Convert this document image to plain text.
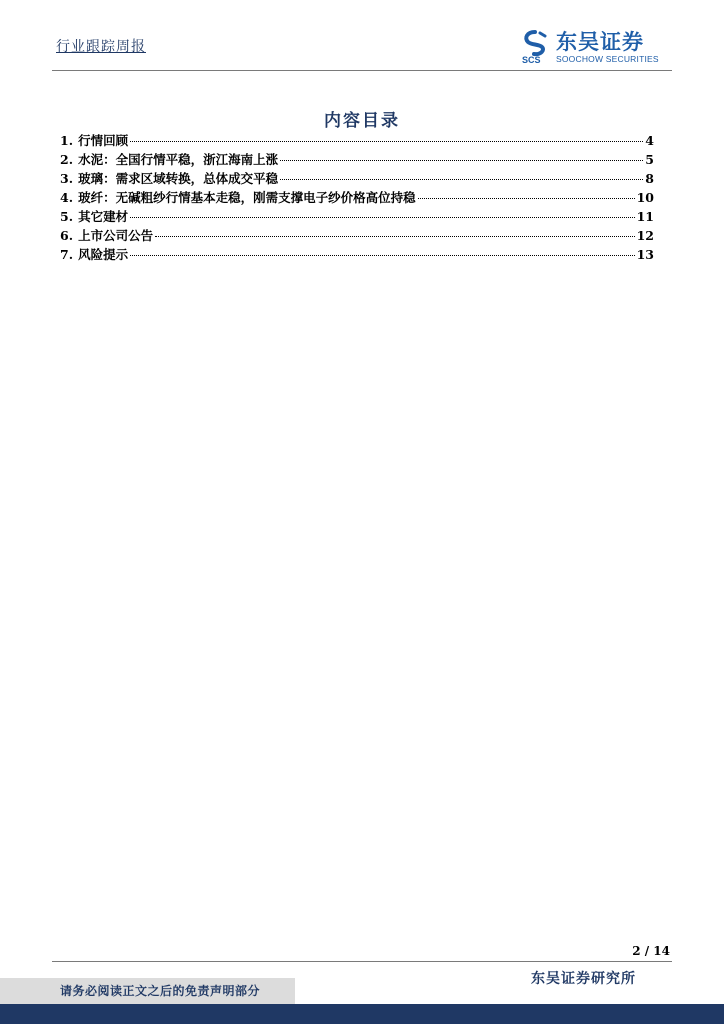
行业跟踪周报
SCS
东吴证券
SOOCHOW SECURITIES
内容目录
1. 行情回顾	4
2. 水泥：全国行情平稳，浙江海南上涨	5
3. 玻璃：需求区域转换，总体成交平稳	8
4. 玻纤：无碱粗纱行情基本走稳，刚需支撑电子纱价格高位持稳	10
5. 其它建材	11
6. 上市公司公告	12
7. 风险提示	13
2 / 14
东吴证券研究所
请务必阅读正文之后的免责声明部分
